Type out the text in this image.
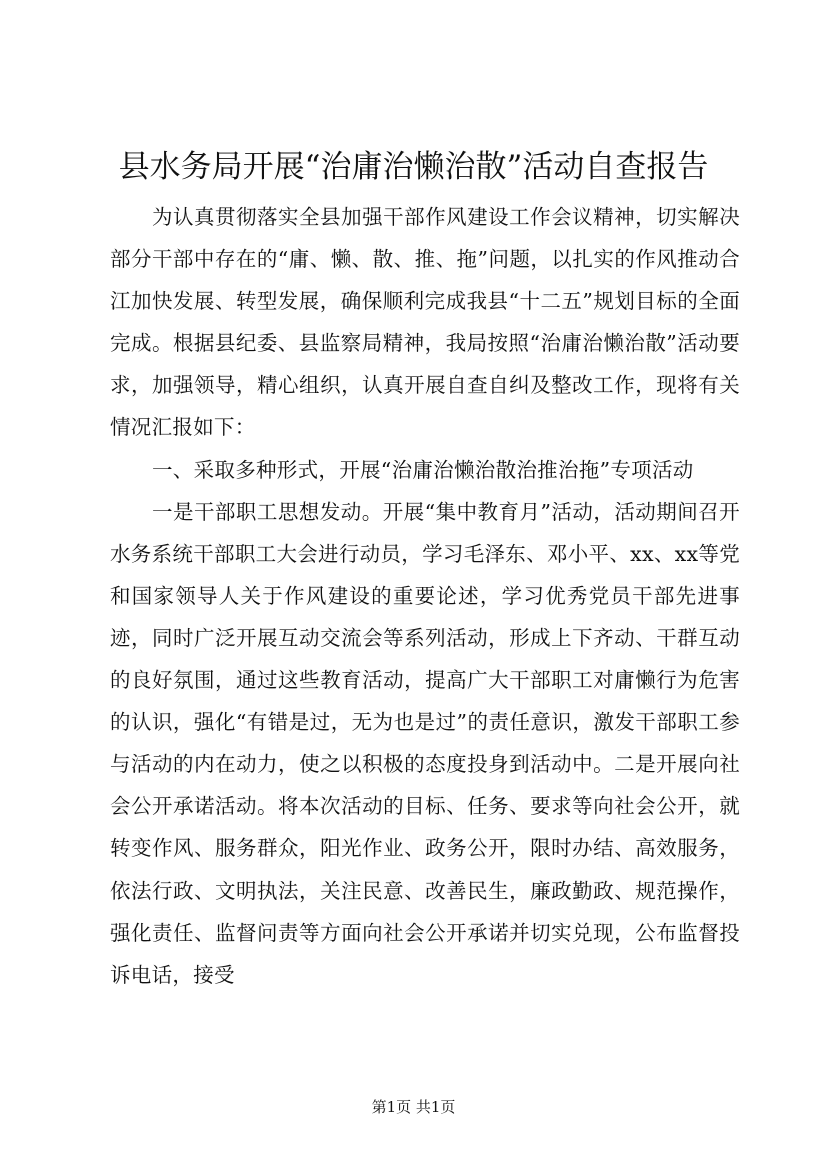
县水务局开展“治庸治懒治散”活动自查报告

为认真贯彻落实全县加强干部作风建设工作会议精神，切实解决部分干部中存在的“庸、懒、散、推、拖”问题，以扎实的作风推动合江加快发展、转型发展，确保顺利完成我县“十二五”规划目标的全面完成。根据县纪委、县监察局精神，我局按照“治庸治懒治散”活动要求，加强领导，精心组织，认真开展自查自纠及整改工作，现将有关情况汇报如下：

一、采取多种形式，开展“治庸治懒治散治推治拖”专项活动

一是干部职工思想发动。开展“集中教育月”活动，活动期间召开水务系统干部职工大会进行动员，学习毛泽东、邓小平、xx、xx等党和国家领导人关于作风建设的重要论述，学习优秀党员干部先进事迹，同时广泛开展互动交流会等系列活动，形成上下齐动、干群互动的良好氛围，通过这些教育活动，提高广大干部职工对庸懒行为危害的认识，强化“有错是过，无为也是过”的责任意识，激发干部职工参与活动的内在动力，使之以积极的态度投身到活动中。二是开展向社会公开承诺活动。将本次活动的目标、任务、要求等向社会公开，就转变作风、服务群众，阳光作业、政务公开，限时办结、高效服务，依法行政、文明执法，关注民意、改善民生，廉政勤政、规范操作，强化责任、监督问责等方面向社会公开承诺并切实兑现，公布监督投诉电话，接受

第1页 共1页
